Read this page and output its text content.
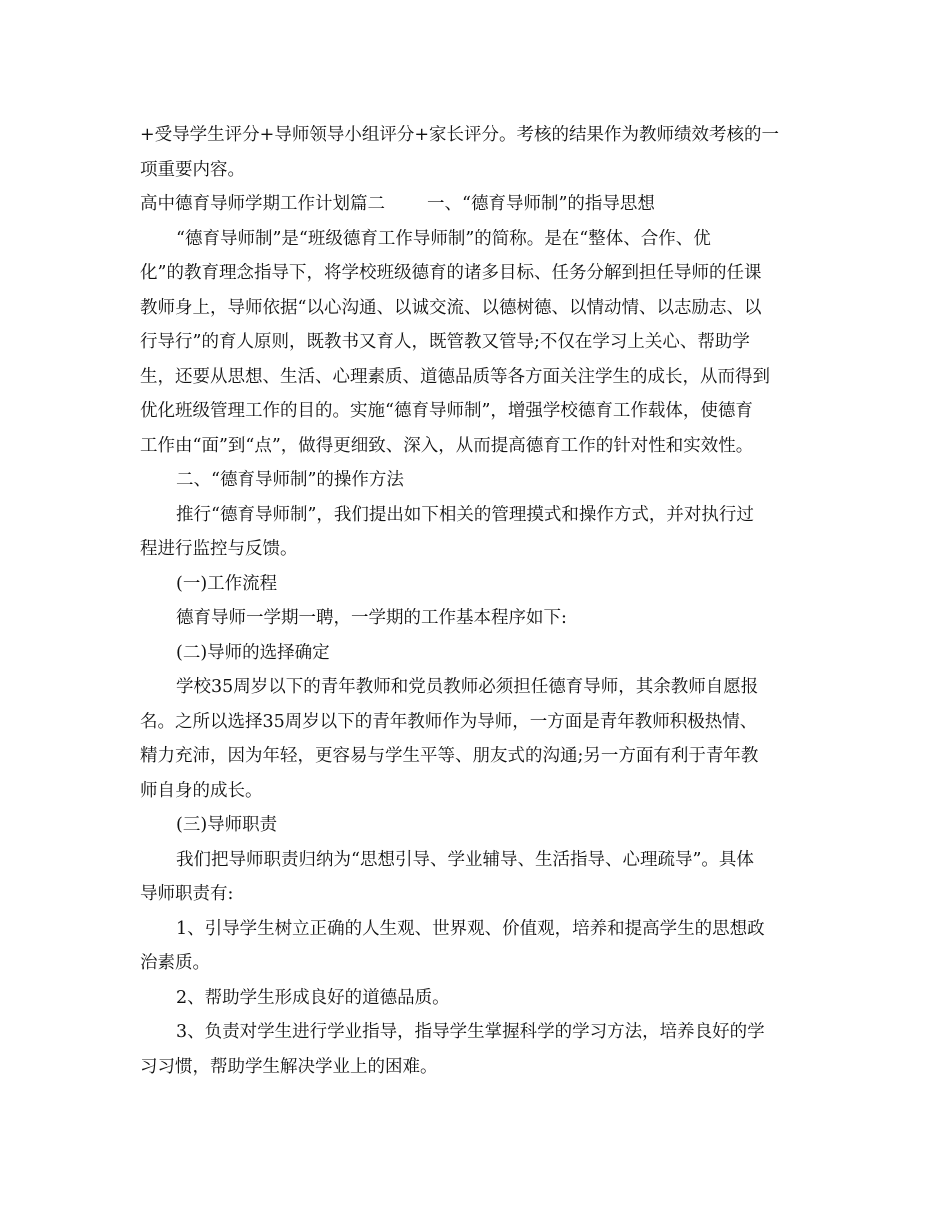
+受导学生评分+导师领导小组评分+家长评分。考核的结果作为教师绩效考核的一
项重要内容。
高中德育导师学期工作计划篇二 一、“德育导师制”的指导思想
“德育导师制”是“班级德育工作导师制”的简称。是在“整体、合作、优
化”的教育理念指导下，将学校班级德育的诸多目标、任务分解到担任导师的任课
教师身上，导师依据“以心沟通、以诚交流、以德树德、以情动情、以志励志、以
行导行”的育人原则，既教书又育人，既管教又管导;不仅在学习上关心、帮助学
生，还要从思想、生活、心理素质、道德品质等各方面关注学生的成长，从而得到
优化班级管理工作的目的。实施“德育导师制”，增强学校德育工作载体，使德育
工作由“面”到“点”，做得更细致、深入，从而提高德育工作的针对性和实效性。
二、“德育导师制”的操作方法
推行“德育导师制”，我们提出如下相关的管理摸式和操作方式，并对执行过
程进行监控与反馈。
(一)工作流程
德育导师一学期一聘，一学期的工作基本程序如下:
(二)导师的选择确定
学校35周岁以下的青年教师和党员教师必须担任德育导师，其余教师自愿报
名。之所以选择35周岁以下的青年教师作为导师，一方面是青年教师积极热情、
精力充沛，因为年轻，更容易与学生平等、朋友式的沟通;另一方面有利于青年教
师自身的成长。
(三)导师职责
我们把导师职责归纳为“思想引导、学业辅导、生活指导、心理疏导”。具体
导师职责有:
1、引导学生树立正确的人生观、世界观、价值观，培养和提高学生的思想政
治素质。
2、帮助学生形成良好的道德品质。
3、负责对学生进行学业指导，指导学生掌握科学的学习方法，培养良好的学
习习惯，帮助学生解决学业上的困难。
